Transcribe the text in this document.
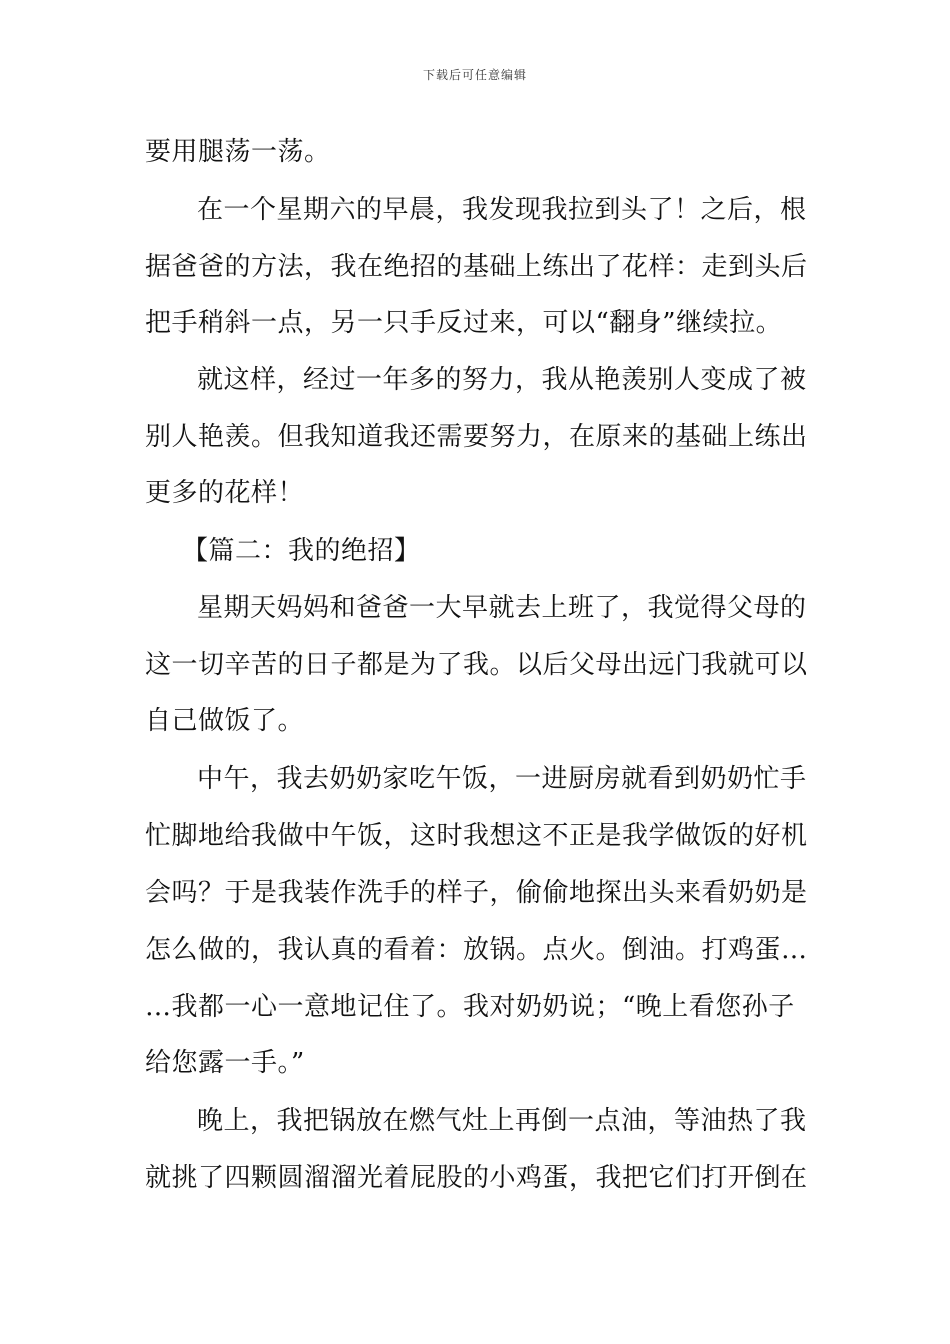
下载后可任意编辑
要用腿荡一荡。
在一个星期六的早晨，我发现我拉到头了！之后，根
据爸爸的方法，我在绝招的基础上练出了花样：走到头后
把手稍斜一点，另一只手反过来，可以“翻身”继续拉。
就这样，经过一年多的努力，我从艳羡别人变成了被
别人艳羡。但我知道我还需要努力，在原来的基础上练出
更多的花样！
【篇二：我的绝招】
星期天妈妈和爸爸一大早就去上班了，我觉得父母的
这一切辛苦的日子都是为了我。以后父母出远门我就可以
自己做饭了。
中午，我去奶奶家吃午饭，一进厨房就看到奶奶忙手
忙脚地给我做中午饭，这时我想这不正是我学做饭的好机
会吗？于是我装作洗手的样子，偷偷地探出头来看奶奶是
怎么做的，我认真的看着：放锅。点火。倒油。打鸡蛋…
…我都一心一意地记住了。我对奶奶说；“晚上看您孙子
给您露一手。”
晚上，我把锅放在燃气灶上再倒一点油，等油热了我
就挑了四颗圆溜溜光着屁股的小鸡蛋，我把它们打开倒在
